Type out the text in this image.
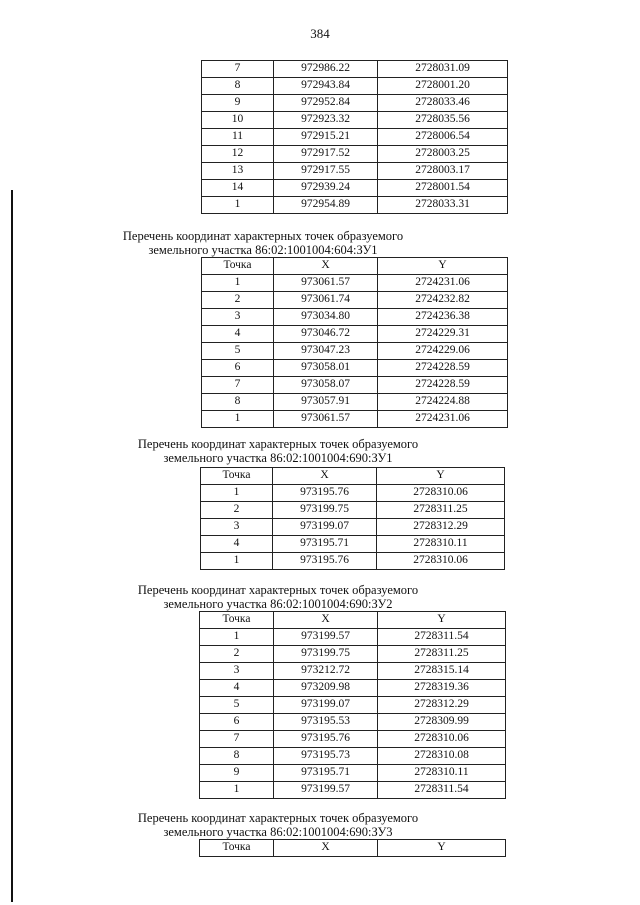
384
7	972986.22	2728031.09
8	972943.84	2728001.20
9	972952.84	2728033.46
10	972923.32	2728035.56
11	972915.21	2728006.54
12	972917.52	2728003.25
13	972917.55	2728003.17
14	972939.24	2728001.54
1	972954.89	2728033.31
Перечень координат характерных точек образуемого
земельного участка 86:02:1001004:604:ЗУ1
Точка	X	Y
1	973061.57	2724231.06
2	973061.74	2724232.82
3	973034.80	2724236.38
4	973046.72	2724229.31
5	973047.23	2724229.06
6	973058.01	2724228.59
7	973058.07	2724228.59
8	973057.91	2724224.88
1	973061.57	2724231.06
Перечень координат характерных точек образуемого
земельного участка 86:02:1001004:690:ЗУ1
Точка	X	Y
1	973195.76	2728310.06
2	973199.75	2728311.25
3	973199.07	2728312.29
4	973195.71	2728310.11
1	973195.76	2728310.06
Перечень координат характерных точек образуемого
земельного участка 86:02:1001004:690:ЗУ2
Точка	X	Y
1	973199.57	2728311.54
2	973199.75	2728311.25
3	973212.72	2728315.14
4	973209.98	2728319.36
5	973199.07	2728312.29
6	973195.53	2728309.99
7	973195.76	2728310.06
8	973195.73	2728310.08
9	973195.71	2728310.11
1	973199.57	2728311.54
Перечень координат характерных точек образуемого
земельного участка 86:02:1001004:690:ЗУ3
Точка	X	Y
